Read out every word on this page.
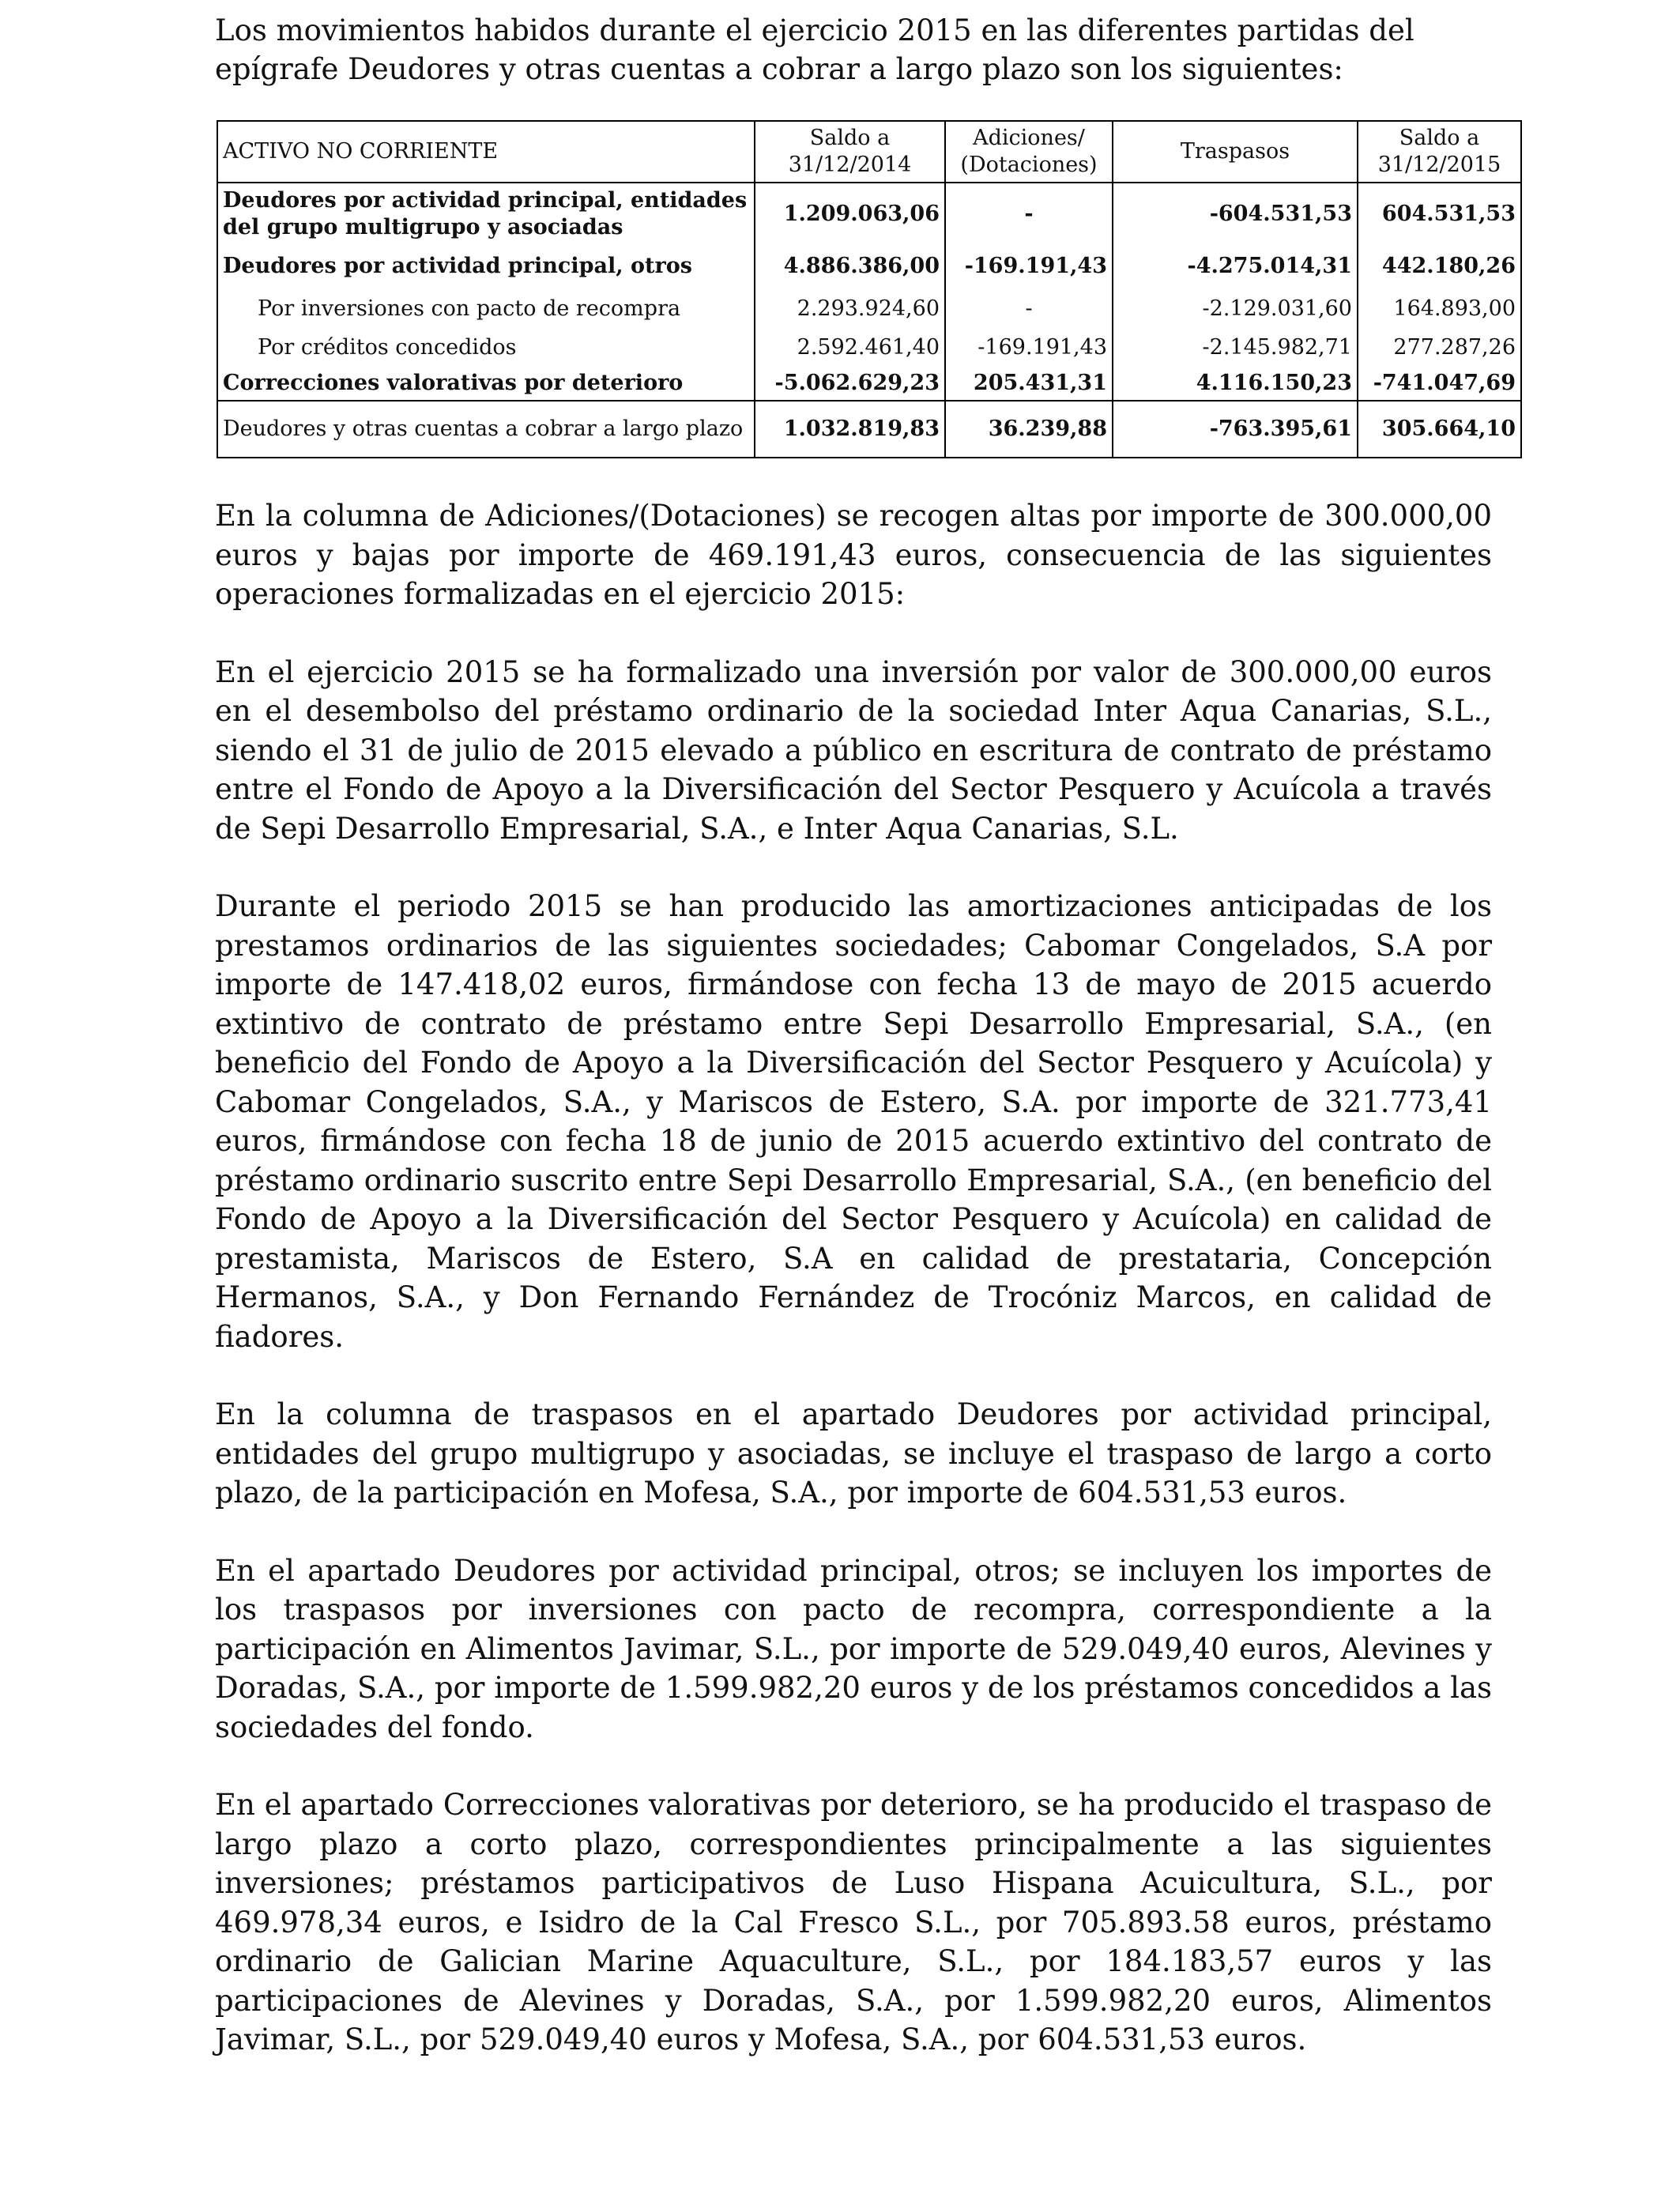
Los movimientos habidos durante el ejercicio 2015 en las diferentes partidas del epígrafe Deudores y otras cuentas a cobrar a largo plazo son los siguientes:

ACTIVO NO CORRIENTE	Saldo a 31/12/2014	Adiciones/ (Dotaciones)	Traspasos	Saldo a 31/12/2015
Deudores por actividad principal, entidades del grupo multigrupo y asociadas	1.209.063,06	-	-604.531,53	604.531,53
Deudores por actividad principal, otros	4.886.386,00	-169.191,43	-4.275.014,31	442.180,26
Por inversiones con pacto de recompra	2.293.924,60	-	-2.129.031,60	164.893,00
Por créditos concedidos	2.592.461,40	-169.191,43	-2.145.982,71	277.287,26
Correcciones valorativas por deterioro	-5.062.629,23	205.431,31	4.116.150,23	-741.047,69
Deudores y otras cuentas a cobrar a largo plazo	1.032.819,83	36.239,88	-763.395,61	305.664,10

En la columna de Adiciones/(Dotaciones) se recogen altas por importe de 300.000,00 euros y bajas por importe de 469.191,43 euros, consecuencia de las siguientes operaciones formalizadas en el ejercicio 2015:

En el ejercicio 2015 se ha formalizado una inversión por valor de 300.000,00 euros en el desembolso del préstamo ordinario de la sociedad Inter Aqua Canarias, S.L., siendo el 31 de julio de 2015 elevado a público en escritura de contrato de préstamo entre el Fondo de Apoyo a la Diversificación del Sector Pesquero y Acuícola a través de Sepi Desarrollo Empresarial, S.A., e Inter Aqua Canarias, S.L.

Durante el periodo 2015 se han producido las amortizaciones anticipadas de los prestamos ordinarios de las siguientes sociedades; Cabomar Congelados, S.A por importe de 147.418,02 euros, firmándose con fecha 13 de mayo de 2015 acuerdo extintivo de contrato de préstamo entre Sepi Desarrollo Empresarial, S.A., (en beneficio del Fondo de Apoyo a la Diversificación del Sector Pesquero y Acuícola) y Cabomar Congelados, S.A., y Mariscos de Estero, S.A. por importe de 321.773,41 euros, firmándose con fecha 18 de junio de 2015 acuerdo extintivo del contrato de préstamo ordinario suscrito entre Sepi Desarrollo Empresarial, S.A., (en beneficio del Fondo de Apoyo a la Diversificación del Sector Pesquero y Acuícola) en calidad de prestamista, Mariscos de Estero, S.A en calidad de prestataria, Concepción Hermanos, S.A., y Don Fernando Fernández de Trocóniz Marcos, en calidad de fiadores.

En la columna de traspasos en el apartado Deudores por actividad principal, entidades del grupo multigrupo y asociadas, se incluye el traspaso de largo a corto plazo, de la participación en Mofesa, S.A., por importe de 604.531,53 euros.

En el apartado Deudores por actividad principal, otros; se incluyen los importes de los traspasos por inversiones con pacto de recompra, correspondiente a la participación en Alimentos Javimar, S.L., por importe de 529.049,40 euros, Alevines y Doradas, S.A., por importe de 1.599.982,20 euros y de los préstamos concedidos a las sociedades del fondo.

En el apartado Correcciones valorativas por deterioro, se ha producido el traspaso de largo plazo a corto plazo, correspondientes principalmente a las siguientes inversiones; préstamos participativos de Luso Hispana Acuicultura, S.L., por 469.978,34 euros, e Isidro de la Cal Fresco S.L., por 705.893.58 euros, préstamo ordinario de Galician Marine Aquaculture, S.L., por 184.183,57 euros y las participaciones de Alevines y Doradas, S.A., por 1.599.982,20 euros, Alimentos Javimar, S.L., por 529.049,40 euros y Mofesa, S.A., por 604.531,53 euros.
